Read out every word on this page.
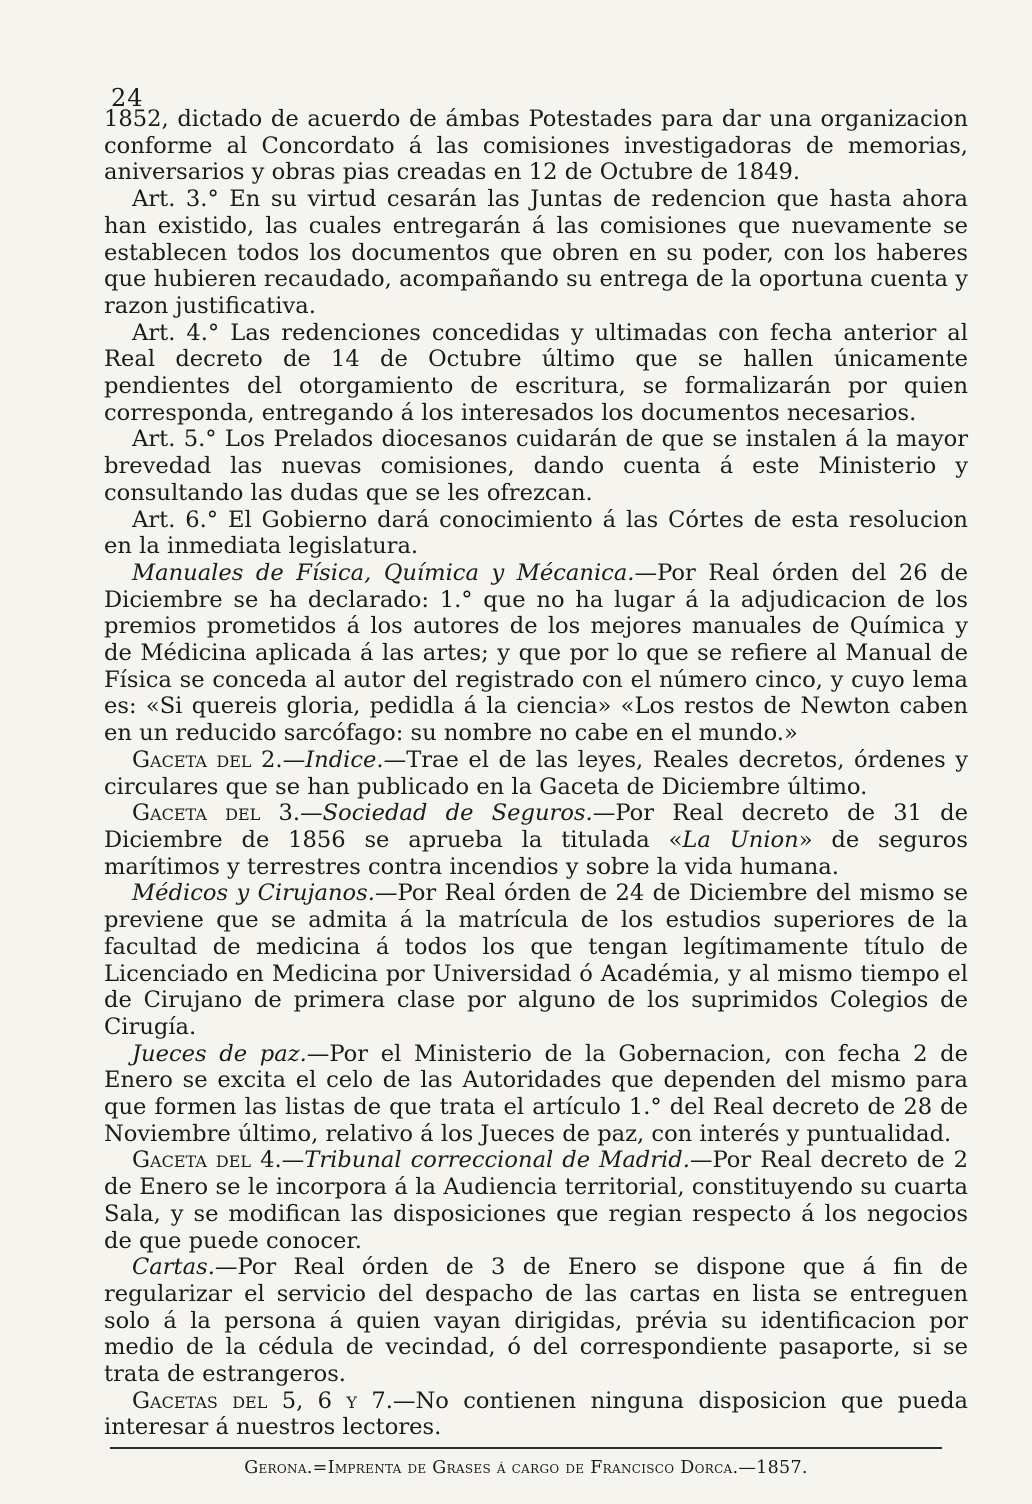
24

1852, dictado de acuerdo de ámbas Potestades para dar una organizacion conforme al Concordato á las comisiones investigadoras de memorias, aniversarios y obras pias creadas en 12 de Octubre de 1849.

Art. 3.° En su virtud cesarán las Juntas de redencion que hasta ahora han existido, las cuales entregarán á las comisiones que nuevamente se establecen todos los documentos que obren en su poder, con los haberes que hubieren recaudado, acompañando su entrega de la oportuna cuenta y razon justificativa.

Art. 4.° Las redenciones concedidas y ultimadas con fecha anterior al Real decreto de 14 de Octubre último que se hallen únicamente pendientes del otorgamiento de escritura, se formalizarán por quien corresponda, entregando á los interesados los documentos necesarios.

Art. 5.° Los Prelados diocesanos cuidarán de que se instalen á la mayor brevedad las nuevas comisiones, dando cuenta á este Ministerio y consultando las dudas que se les ofrezcan.

Art. 6.° El Gobierno dará conocimiento á las Córtes de esta resolucion en la inmediata legislatura.

Manuales de Física, Química y Mécanica.—Por Real órden del 26 de Diciembre se ha declarado: 1.° que no ha lugar á la adjudicacion de los premios prometidos á los autores de los mejores manuales de Química y de Médicina aplicada á las artes; y que por lo que se refiere al Manual de Física se conceda al autor del registrado con el número cinco, y cuyo lema es: «Si quereis gloria, pedidla á la ciencia» «Los restos de Newton caben en un reducido sarcófago: su nombre no cabe en el mundo.»

Gaceta del 2.—Indice.—Trae el de las leyes, Reales decretos, órdenes y circulares que se han publicado en la Gaceta de Diciembre último.

Gaceta del 3.—Sociedad de Seguros.—Por Real decreto de 31 de Diciembre de 1856 se aprueba la titulada «La Union» de seguros marítimos y terrestres contra incendios y sobre la vida humana.

Médicos y Cirujanos.—Por Real órden de 24 de Diciembre del mismo se previene que se admita á la matrícula de los estudios superiores de la facultad de medicina á todos los que tengan legítimamente título de Licenciado en Medicina por Universidad ó Académia, y al mismo tiempo el de Cirujano de primera clase por alguno de los suprimidos Colegios de Cirugía.

Jueces de paz.—Por el Ministerio de la Gobernacion, con fecha 2 de Enero se excita el celo de las Autoridades que dependen del mismo para que formen las listas de que trata el artículo 1.° del Real decreto de 28 de Noviembre último, relativo á los Jueces de paz, con interés y puntualidad.

Gaceta del 4.—Tribunal correccional de Madrid.—Por Real decreto de 2 de Enero se le incorpora á la Audiencia territorial, constituyendo su cuarta Sala, y se modifican las disposiciones que regian respecto á los negocios de que puede conocer.

Cartas.—Por Real órden de 3 de Enero se dispone que á fin de regularizar el servicio del despacho de las cartas en lista se entreguen solo á la persona á quien vayan dirigidas, prévia su identificacion por medio de la cédula de vecindad, ó del correspondiente pasaporte, si se trata de estrangeros.

Gacetas del 5, 6 y 7.—No contienen ninguna disposicion que pueda interesar á nuestros lectores.

Gerona.=Imprenta de Grases á cargo de Francisco Dorca.—1857.
